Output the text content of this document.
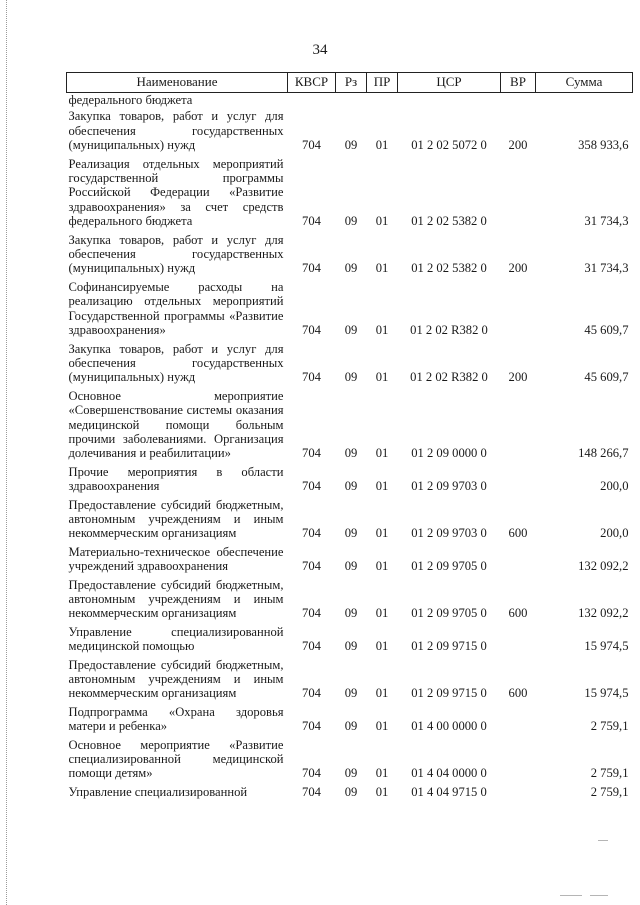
34
Наименование	КВСР	Рз	ПР	ЦСР	ВР	Сумма
федерального бюджета						
Закупка товаров, работ и услуг для обеспечения государственных (муниципальных) нужд	704	09	01	01 2 02 5072 0	200	358 933,6
Реализация отдельных мероприятий государственной программы Российской Федерации «Развитие здравоохранения» за счет средств федерального бюджета	704	09	01	01 2 02 5382 0		31 734,3
Закупка товаров, работ и услуг для обеспечения государственных (муниципальных) нужд	704	09	01	01 2 02 5382 0	200	31 734,3
Софинансируемые расходы на реализацию отдельных мероприятий Государственной программы «Развитие здравоохранения»	704	09	01	01 2 02 R382 0		45 609,7
Закупка товаров, работ и услуг для обеспечения государственных (муниципальных) нужд	704	09	01	01 2 02 R382 0	200	45 609,7
Основное мероприятие «Совершенствование системы оказания медицинской помощи больным прочими заболеваниями. Организация долечивания и реабилитации»	704	09	01	01 2 09 0000 0		148 266,7
Прочие мероприятия в области здравоохранения	704	09	01	01 2 09 9703 0		200,0
Предоставление субсидий бюджетным, автономным учреждениям и иным некоммерческим организациям	704	09	01	01 2 09 9703 0	600	200,0
Материально-техническое обеспечение учреждений здравоохранения	704	09	01	01 2 09 9705 0		132 092,2
Предоставление субсидий бюджетным, автономным учреждениям и иным некоммерческим организациям	704	09	01	01 2 09 9705 0	600	132 092,2
Управление специализированной медицинской помощью	704	09	01	01 2 09 9715 0		15 974,5
Предоставление субсидий бюджетным, автономным учреждениям и иным некоммерческим организациям	704	09	01	01 2 09 9715 0	600	15 974,5
Подпрограмма «Охрана здоровья матери и ребенка»	704	09	01	01 4 00 0000 0		2 759,1
Основное мероприятие «Развитие специализированной медицинской помощи детям»	704	09	01	01 4 04 0000 0		2 759,1
Управление специализированной	704	09	01	01 4 04 9715 0		2 759,1
